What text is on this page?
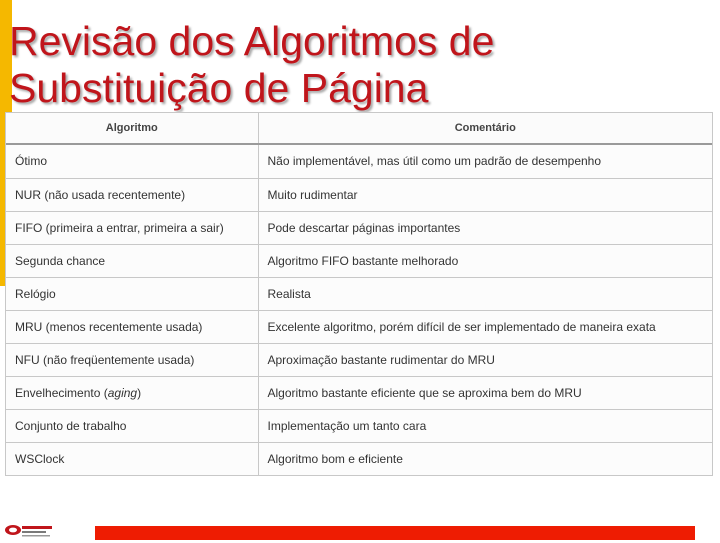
Revisão dos Algoritmos de
Substituição de Página
Algoritmo	Comentário
Ótimo	Não implementável, mas útil como um padrão de desempenho
NUR (não usada recentemente)	Muito rudimentar
FIFO (primeira a entrar, primeira a sair)	Pode descartar páginas importantes
Segunda chance	Algoritmo FIFO bastante melhorado
Relógio	Realista
MRU (menos recentemente usada)	Excelente algoritmo, porém difícil de ser implementado de maneira exata
NFU (não freqüentemente usada)	Aproximação bastante rudimentar do MRU
Envelhecimento (aging)	Algoritmo bastante eficiente que se aproxima bem do MRU
Conjunto de trabalho	Implementação um tanto cara
WSClock	Algoritmo bom e eficiente
